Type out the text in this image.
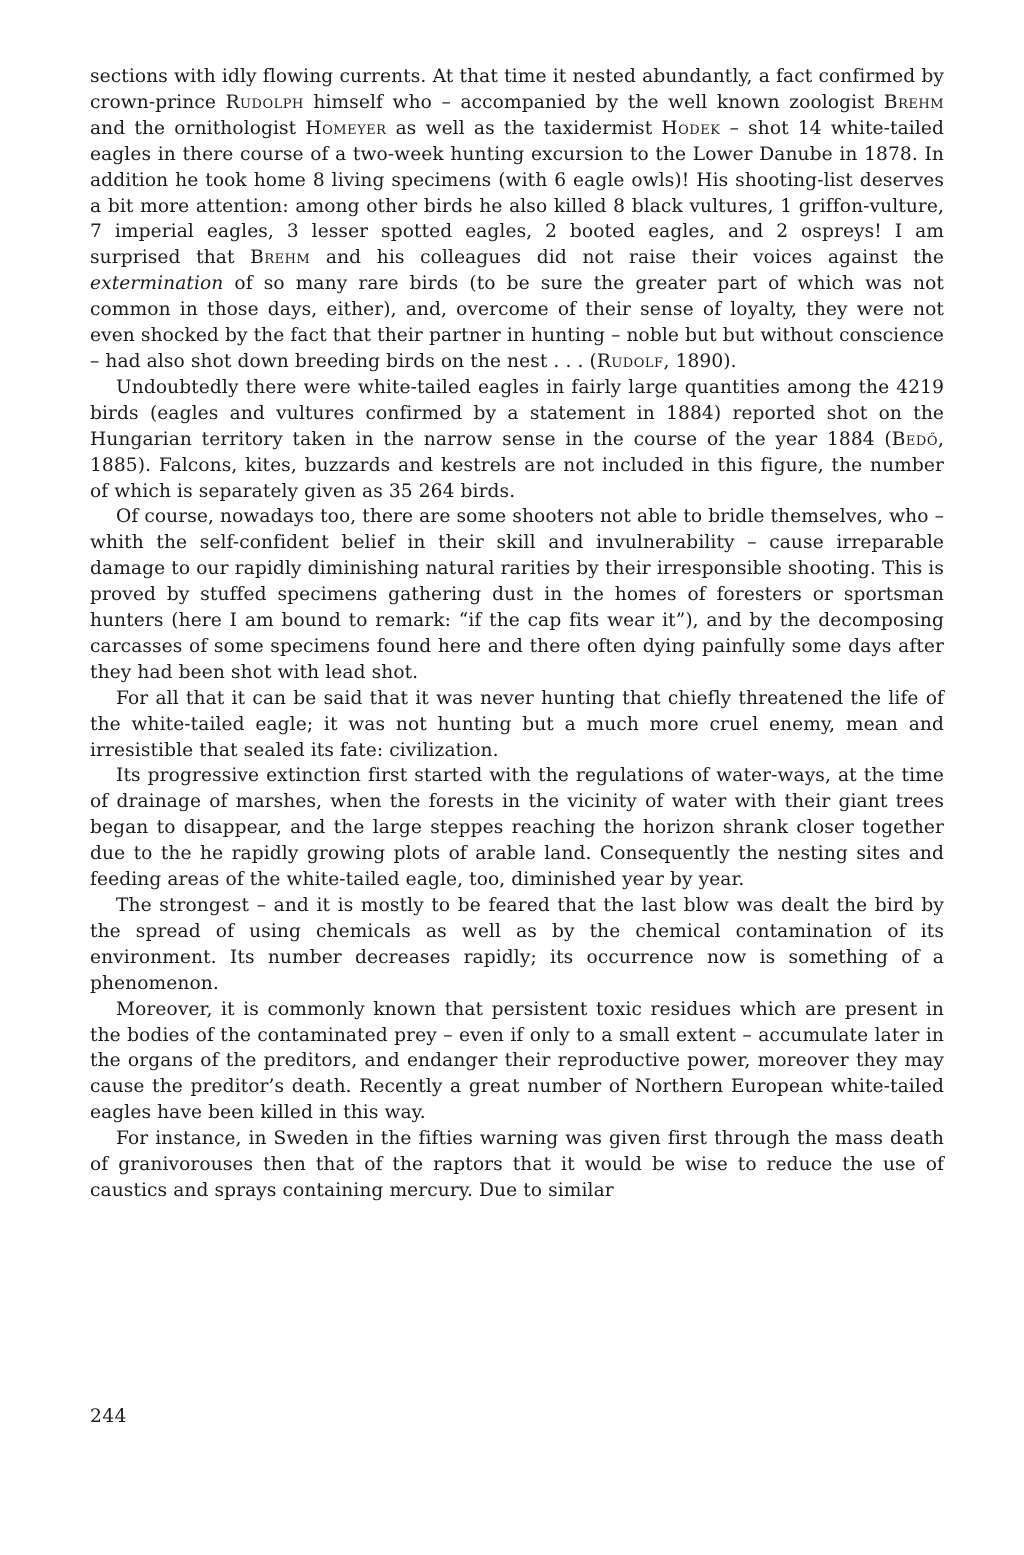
sections with idly flowing currents. At that time it nested abundantly, a fact confirmed by crown-prince Rudolph himself who – accompanied by the well known zoologist Brehm and the ornithologist Homeyer as well as the taxidermist Hodek – shot 14 white-tailed eagles in there course of a two-week hunting excursion to the Lower Danube in 1878. In addition he took home 8 living specimens (with 6 eagle owls)! His shooting-list deserves a bit more attention: among other birds he also killed 8 black vultures, 1 griffon-vulture, 7 imperial eagles, 3 lesser spotted eagles, 2 booted eagles, and 2 ospreys! I am surprised that Brehm and his colleagues did not raise their voices against the extermination of so many rare birds (to be sure the greater part of which was not common in those days, either), and, overcome of their sense of loyalty, they were not even shocked by the fact that their partner in hunting – noble but but without conscience – had also shot down breeding birds on the nest . . . (Rudolf, 1890).

Undoubtedly there were white-tailed eagles in fairly large quantities among the 4219 birds (eagles and vultures confirmed by a statement in 1884) reported shot on the Hungarian territory taken in the narrow sense in the course of the year 1884 (Bedő, 1885). Falcons, kites, buzzards and kestrels are not included in this figure, the number of which is separately given as 35 264 birds.

Of course, nowadays too, there are some shooters not able to bridle themselves, who – whith the self-confident belief in their skill and invulnerability – cause irreparable damage to our rapidly diminishing natural rarities by their irresponsible shooting. This is proved by stuffed specimens gathering dust in the homes of foresters or sportsman hunters (here I am bound to remark: “if the cap fits wear it”), and by the decomposing carcasses of some specimens found here and there often dying painfully some days after they had been shot with lead shot.

For all that it can be said that it was never hunting that chiefly threatened the life of the white-tailed eagle; it was not hunting but a much more cruel enemy, mean and irresistible that sealed its fate: civilization.

Its progressive extinction first started with the regulations of water-ways, at the time of drainage of marshes, when the forests in the vicinity of water with their giant trees began to disappear, and the large steppes reaching the horizon shrank closer together due to the he rapidly growing plots of arable land. Consequently the nesting sites and feeding areas of the white-tailed eagle, too, diminished year by year.

The strongest – and it is mostly to be feared that the last blow was dealt the bird by the spread of using chemicals as well as by the chemical contamination of its environment. Its number decreases rapidly; its occurrence now is something of a phenomenon.

Moreover, it is commonly known that persistent toxic residues which are present in the bodies of the contaminated prey – even if only to a small extent – accumulate later in the organs of the preditors, and endanger their reproductive power, moreover they may cause the preditor’s death. Recently a great number of Northern European white-tailed eagles have been killed in this way.

For instance, in Sweden in the fifties warning was given first through the mass death of granivorouses then that of the raptors that it would be wise to reduce the use of caustics and sprays containing mercury. Due to similar

244
